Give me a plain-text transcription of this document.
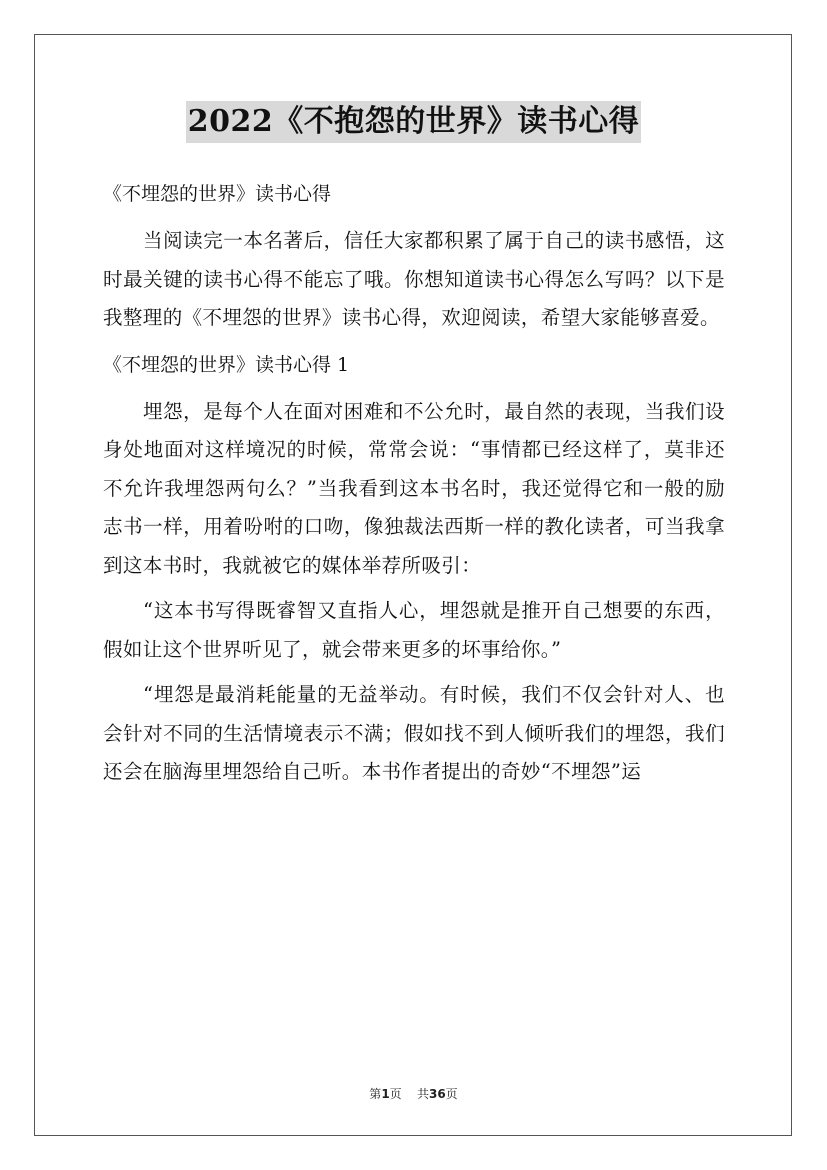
2022《不抱怨的世界》读书心得

《不埋怨的世界》读书心得

当阅读完一本名著后，信任大家都积累了属于自己的读书感悟，这时最关键的读书心得不能忘了哦。你想知道读书心得怎么写吗？以下是我整理的《不埋怨的世界》读书心得，欢迎阅读，希望大家能够喜爱。

《不埋怨的世界》读书心得 1

埋怨，是每个人在面对困难和不公允时，最自然的表现，当我们设身处地面对这样境况的时候，常常会说：“事情都已经这样了，莫非还不允许我埋怨两句么？”当我看到这本书名时，我还觉得它和一般的励志书一样，用着吩咐的口吻，像独裁法西斯一样的教化读者，可当我拿到这本书时，我就被它的媒体举荐所吸引：

“这本书写得既睿智又直指人心，埋怨就是推开自己想要的东西，假如让这个世界听见了，就会带来更多的坏事给你。”

“埋怨是最消耗能量的无益举动。有时候，我们不仅会针对人、也会针对不同的生活情境表示不满；假如找不到人倾听我们的埋怨，我们还会在脑海里埋怨给自己听。本书作者提出的奇妙“不埋怨”运

第1页 共36页
